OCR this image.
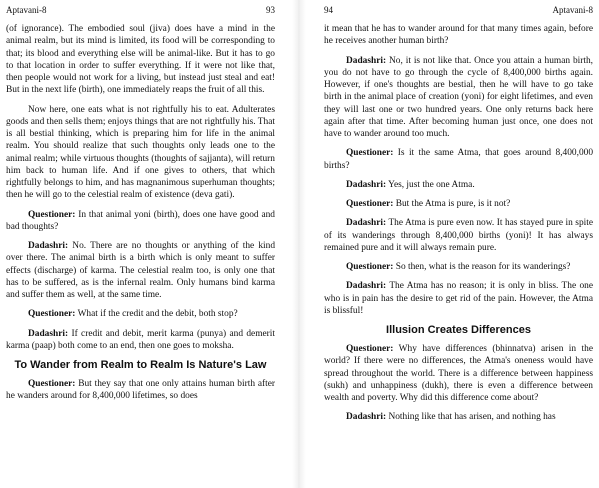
Aptavani-8	93

(of ignorance). The embodied soul (jiva) does have a mind in the animal realm, but its mind is limited, its food will be corresponding to that; its blood and everything else will be animal-like. But it has to go to that location in order to suffer everything. If it were not like that, then people would not work for a living, but instead just steal and eat! But in the next life (birth), one immediately reaps the fruit of all this.

Now here, one eats what is not rightfully his to eat. Adulterates goods and then sells them; enjoys things that are not rightfully his. That is all bestial thinking, which is preparing him for life in the animal realm. You should realize that such thoughts only leads one to the animal realm; while virtuous thoughts (thoughts of sajjanta), will return him back to human life. And if one gives to others, that which rightfully belongs to him, and has magnanimous superhuman thoughts; then he will go to the celestial realm of existence (deva gati).

Questioner: In that animal yoni (birth), does one have good and bad thoughts?

Dadashri: No. There are no thoughts or anything of the kind over there. The animal birth is a birth which is only meant to suffer effects (discharge) of karma. The celestial realm too, is only one that has to be suffered, as is the infernal realm. Only humans bind karma and suffer them as well, at the same time.

Questioner: What if the credit and the debit, both stop?

Dadashri: If credit and debit, merit karma (punya) and demerit karma (paap) both come to an end, then one goes to moksha.

To Wander from Realm to Realm Is Nature's Law

Questioner: But they say that one only attains human birth after he wanders around for 8,400,000 lifetimes, so does

94	Aptavani-8

it mean that he has to wander around for that many times again, before he receives another human birth?

Dadashri: No, it is not like that. Once you attain a human birth, you do not have to go through the cycle of 8,400,000 births again. However, if one's thoughts are bestial, then he will have to go take birth in the animal place of creation (yoni) for eight lifetimes, and even they will last one or two hundred years. One only returns back here again after that time. After becoming human just once, one does not have to wander around too much.

Questioner: Is it the same Atma, that goes around 8,400,000 births?

Dadashri: Yes, just the one Atma.

Questioner: But the Atma is pure, is it not?

Dadashri: The Atma is pure even now. It has stayed pure in spite of its wanderings through 8,400,000 births (yoni)! It has always remained pure and it will always remain pure.

Questioner: So then, what is the reason for its wanderings?

Dadashri: The Atma has no reason; it is only in bliss. The one who is in pain has the desire to get rid of the pain. However, the Atma is blissful!

Illusion Creates Differences

Questioner: Why have differences (bhinnatva) arisen in the world? If there were no differences, the Atma's oneness would have spread throughout the world. There is a difference between happiness (sukh) and unhappiness (dukh), there is even a difference between wealth and poverty. Why did this difference come about?

Dadashri: Nothing like that has arisen, and nothing has
